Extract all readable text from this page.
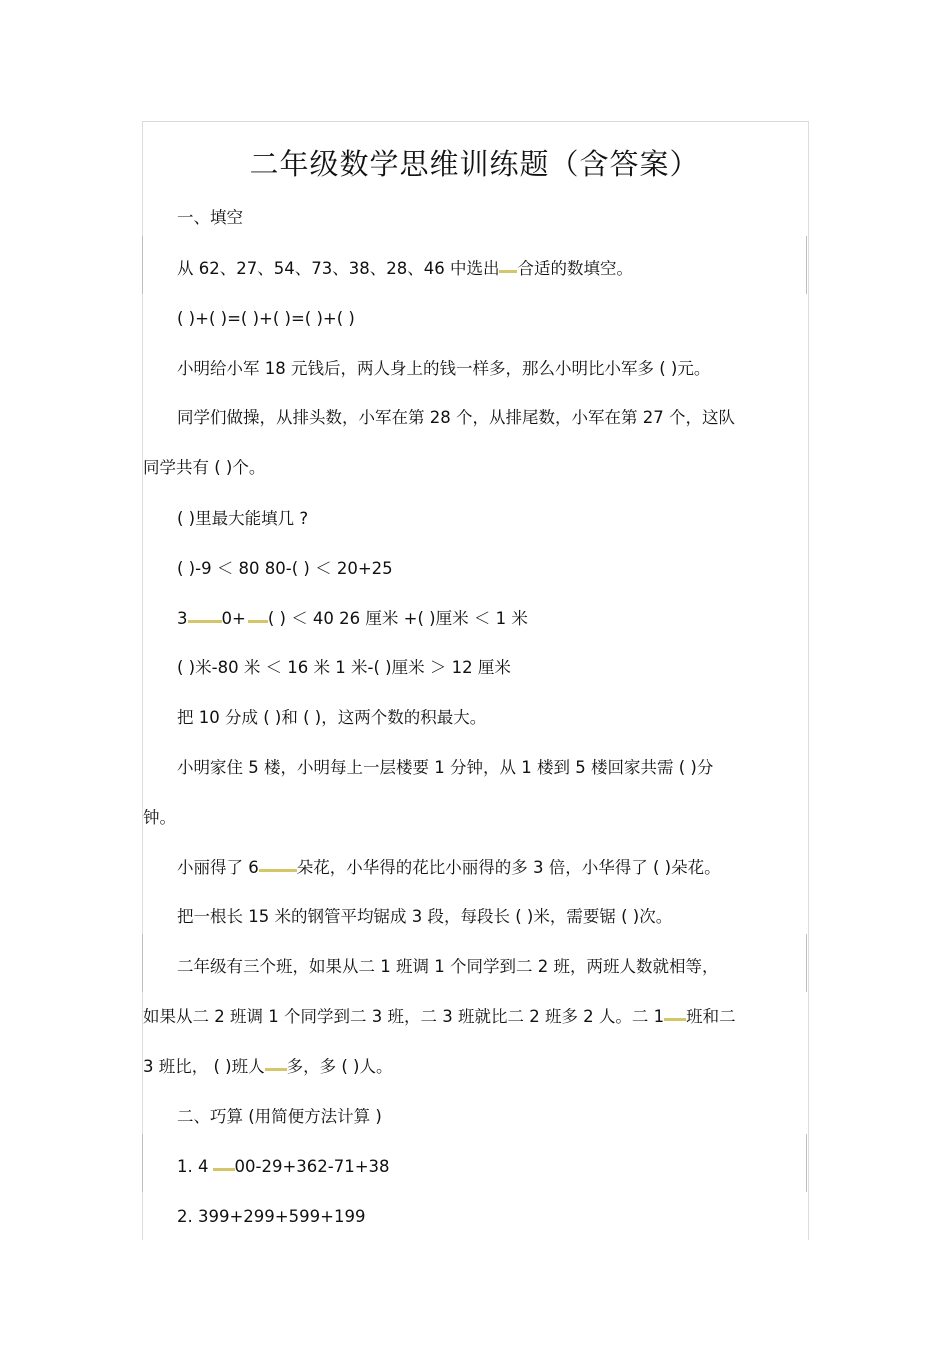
二年级数学思维训练题（含答案）
一、填空
从 62、27、54、73、38、28、46 中选出 合适的数填空。
( )+( )=( )+( )=( )+( )
小明给小军 18 元钱后，两人身上的钱一样多，那么小明比小军多 ( )元。
同学们做操，从排头数，小军在第 28 个，从排尾数，小军在第 27 个，这队
同学共有 ( )个。
( )里最大能填几 ?
( )-9 ＜ 80 80-( ) ＜ 20+25
3 0+ ( ) ＜ 40 26 厘米 +( )厘米 ＜ 1 米
( )米-80 米 ＜ 16 米 1 米-( )厘米 ＞ 12 厘米
把 10 分成 ( )和 ( )，这两个数的积最大。
小明家住 5 楼，小明每上一层楼要 1 分钟，从 1 楼到 5 楼回家共需 ( )分
钟。
小丽得了 6 朵花，小华得的花比小丽得的多 3 倍，小华得了 ( )朵花。
把一根长 15 米的钢管平均锯成 3 段，每段长 ( )米，需要锯 ( )次。
二年级有三个班，如果从二 1 班调 1 个同学到二 2 班，两班人数就相等，
如果从二 2 班调 1 个同学到二 3 班，二 3 班就比二 2 班多 2 人。二 1 班和二
3 班比， ( )班人 多，多 ( )人。
二、巧算 (用简便方法计算 )
1. 4 00-29+362-71+38
2. 399+299+599+199
